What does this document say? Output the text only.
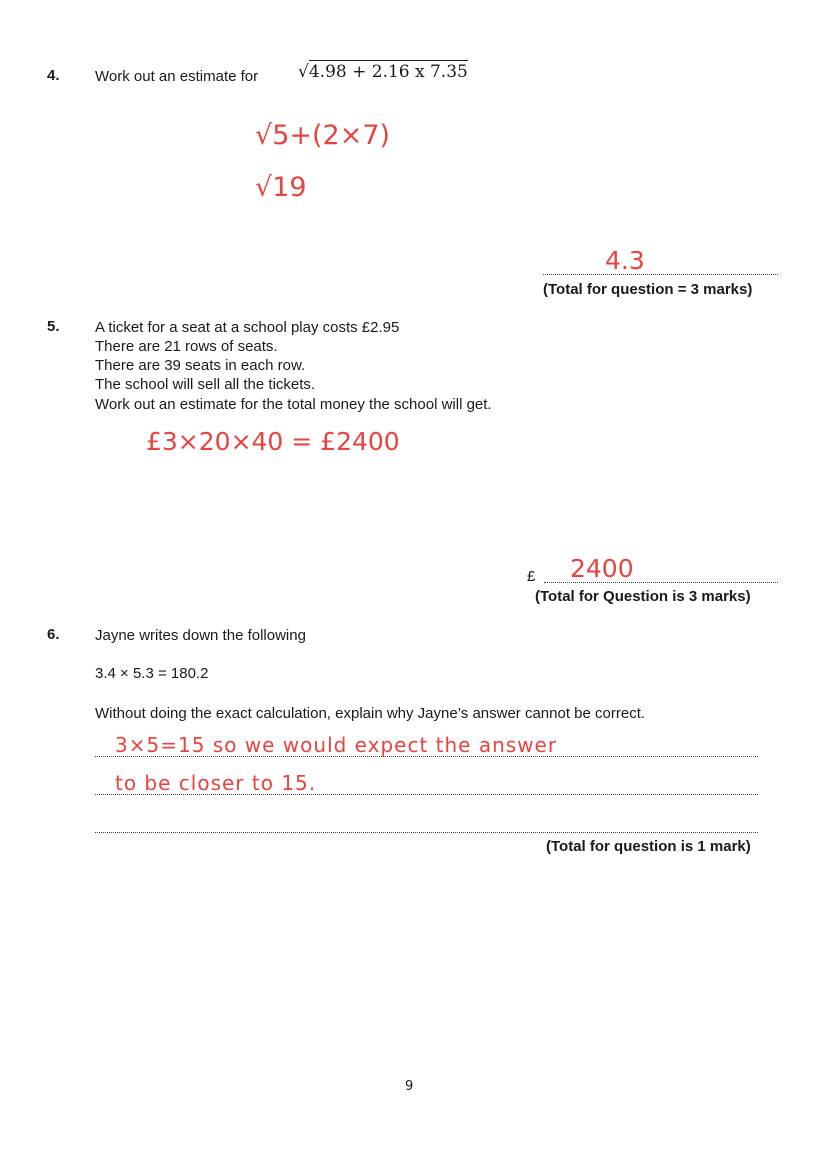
4. Work out an estimate for √4.98 + 2.16 x 7.35
√5+(2×7)
√19
4.3
(Total for question = 3 marks)
5. A ticket for a seat at a school play costs £2.95
There are 21 rows of seats.
There are 39 seats in each row.
The school will sell all the tickets.
Work out an estimate for the total money the school will get.
£3×20×40 = £2400
£ 2400
(Total for Question is 3 marks)
6. Jayne writes down the following
3.4 × 5.3 = 180.2
Without doing the exact calculation, explain why Jayne’s answer cannot be correct.
3×5=15 so we would expect the answer
to be closer to 15.
(Total for question is 1 mark)
9
